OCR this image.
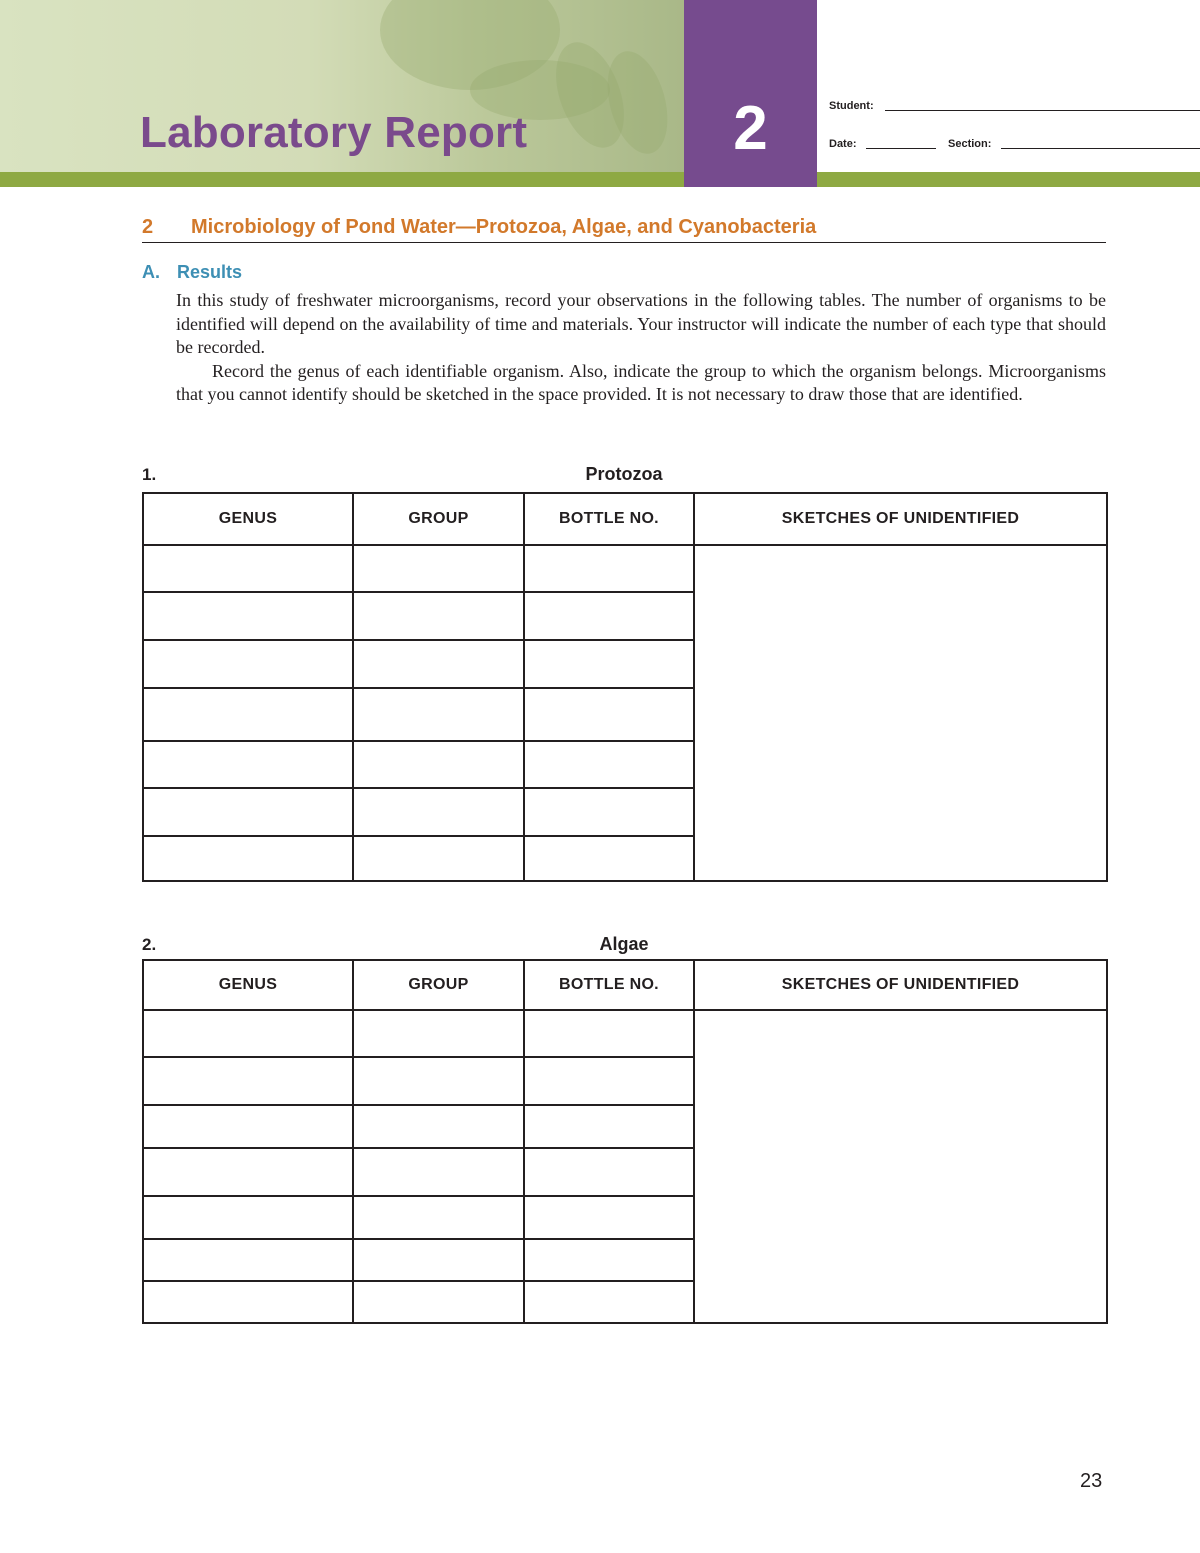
Laboratory Report	2	Student:
Date:	Section:
2 Microbiology of Pond Water—Protozoa, Algae, and Cyanobacteria
A. Results

In this study of freshwater microorganisms, record your observations in the following tables. The number of organisms to be identified will depend on the availability of time and materials. Your instructor will indicate the number of each type that should be recorded.

Record the genus of each identifiable organism. Also, indicate the group to which the organism belongs. Microorganisms that you cannot identify should be sketched in the space provided. It is not necessary to draw those that are identified.

1.	Protozoa
GENUS	GROUP	BOTTLE NO.	SKETCHES OF UNIDENTIFIED

2.	Algae
GENUS	GROUP	BOTTLE NO.	SKETCHES OF UNIDENTIFIED

23
